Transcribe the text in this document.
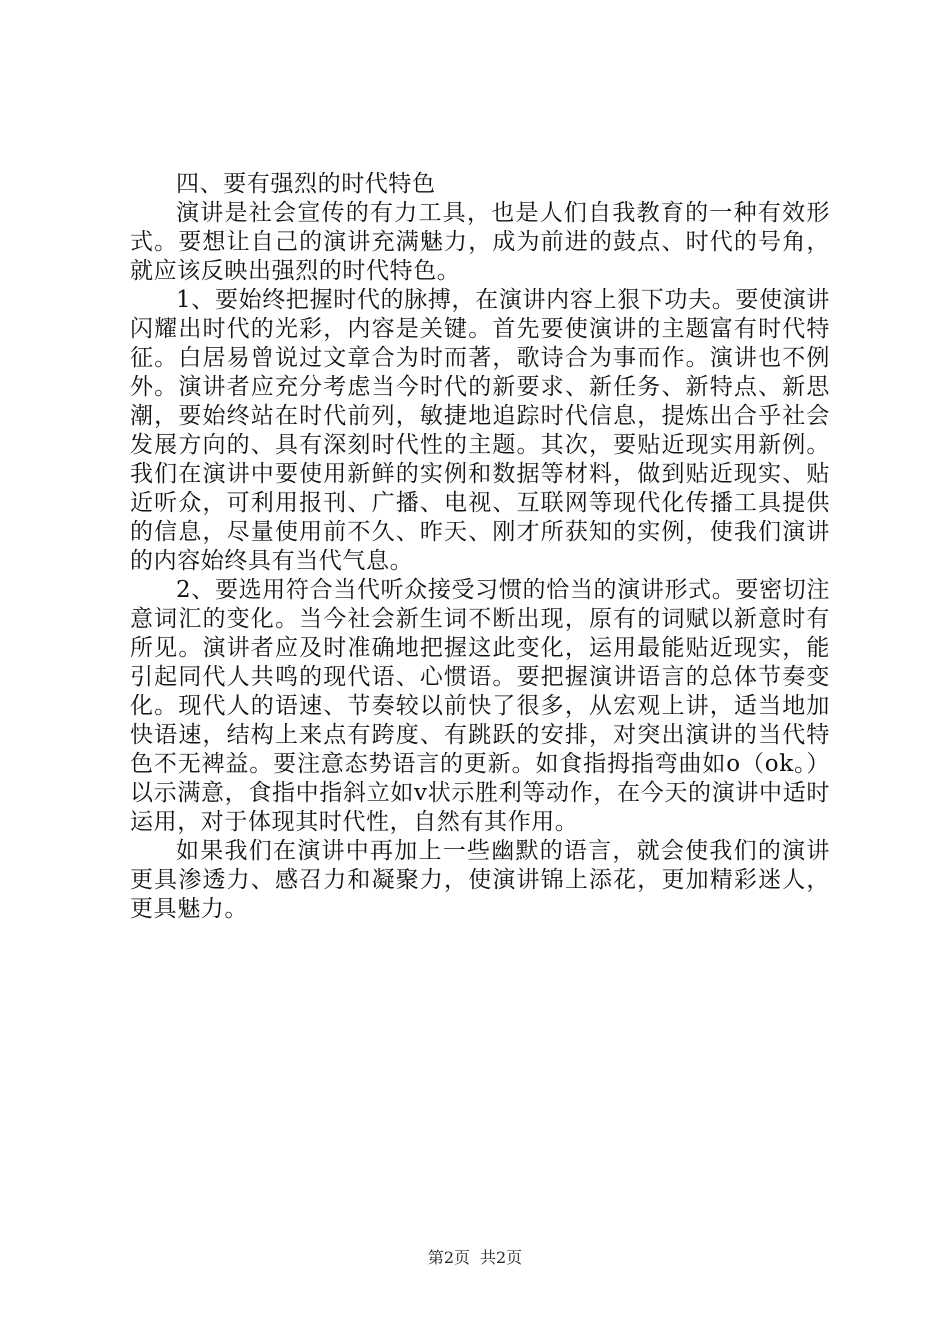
四、要有强烈的时代特色

演讲是社会宣传的有力工具，也是人们自我教育的一种有效形式。要想让自己的演讲充满魅力，成为前进的鼓点、时代的号角，就应该反映出强烈的时代特色。

1、要始终把握时代的脉搏，在演讲内容上狠下功夫。要使演讲闪耀出时代的光彩，内容是关键。首先要使演讲的主题富有时代特征。白居易曾说过文章合为时而著，歌诗合为事而作。演讲也不例外。演讲者应充分考虑当今时代的新要求、新任务、新特点、新思潮，要始终站在时代前列，敏捷地追踪时代信息，提炼出合乎社会发展方向的、具有深刻时代性的主题。其次，要贴近现实用新例。我们在演讲中要使用新鲜的实例和数据等材料，做到贴近现实、贴近听众，可利用报刊、广播、电视、互联网等现代化传播工具提供的信息，尽量使用前不久、昨天、刚才所获知的实例，使我们演讲的内容始终具有当代气息。

2、要选用符合当代听众接受习惯的恰当的演讲形式。要密切注意词汇的变化。当今社会新生词不断出现，原有的词赋以新意时有所见。演讲者应及时准确地把握这此变化，运用最能贴近现实，能引起同代人共鸣的现代语、心惯语。要把握演讲语言的总体节奏变化。现代人的语速、节奏较以前快了很多，从宏观上讲，适当地加快语速，结构上来点有跨度、有跳跃的安排，对突出演讲的当代特色不无裨益。要注意态势语言的更新。如食指拇指弯曲如o（ok。）以示满意，食指中指斜立如v状示胜利等动作，在今天的演讲中适时运用，对于体现其时代性，自然有其作用。

如果我们在演讲中再加上一些幽默的语言，就会使我们的演讲更具渗透力、感召力和凝聚力，使演讲锦上添花，更加精彩迷人，更具魅力。

第2页 共2页
